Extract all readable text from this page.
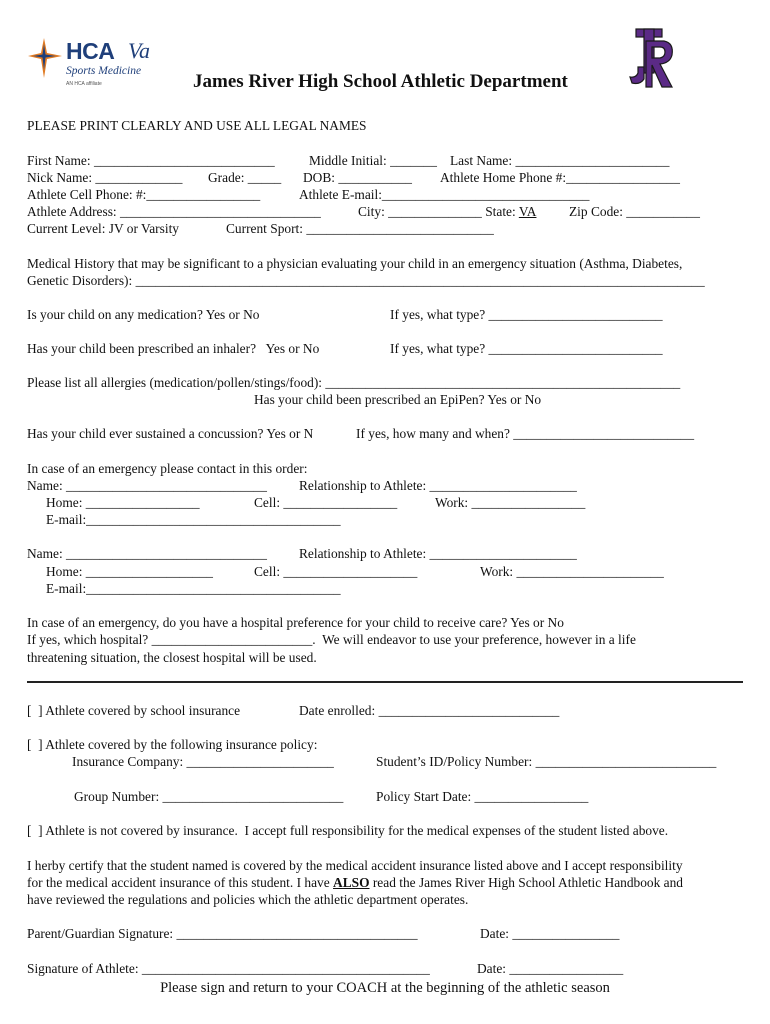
HCA Va
Sports Medicine
AN HCA affiliate	James River High School Athletic Department
PLEASE PRINT CLEARLY AND USE ALL LEGAL NAMES
First Name: ___________________________	Middle Initial: _______ Last Name: _______________________
Nick Name: _____________ Grade: _____ DOB: ___________ Athlete Home Phone #:_________________
Athlete Cell Phone: #:_________________	Athlete E-mail:_______________________________
Athlete Address: ______________________________	City: ______________ State: VA Zip Code: ___________
Current Level: JV or Varsity	Current Sport: ____________________________
Medical History that may be significant to a physician evaluating your child in an emergency situation (Asthma, Diabetes,
Genetic Disorders): _____________________________________________________________________________________
Is your child on any medication? Yes or No	If yes, what type? __________________________
Has your child been prescribed an inhaler?   Yes or No	If yes, what type? __________________________
Please list all allergies (medication/pollen/stings/food): _____________________________________________________
Has your child been prescribed an EpiPen? Yes or No
Has your child ever sustained a concussion? Yes or N	If yes, how many and when? ___________________________
In case of an emergency please contact in this order:
Name: ______________________________ Relationship to Athlete: ______________________
Home: _________________	Cell: _________________	Work: _________________
E-mail:______________________________________
Name: ______________________________ Relationship to Athlete: ______________________
Home: ___________________	Cell: ____________________	Work: ______________________
E-mail:______________________________________
In case of an emergency, do you have a hospital preference for your child to receive care? Yes or No
If yes, which hospital? ________________________.  We will endeavor to use your preference, however in a life
threatening situation, the closest hospital will be used.
[  ] Athlete covered by school insurance	Date enrolled: ___________________________
[  ] Athlete covered by the following insurance policy:
Insurance Company: ______________________	Student’s ID/Policy Number: ___________________________
Group Number: ___________________________ Policy Start Date: _________________
[  ] Athlete is not covered by insurance.  I accept full responsibility for the medical expenses of the student listed above.
I herby certify that the student named is covered by the medical accident insurance listed above and I accept responsibility
for the medical accident insurance of this student. I have ALSO read the James River High School Athletic Handbook and
have reviewed the regulations and policies which the athletic department operates.
Parent/Guardian Signature: ____________________________________	Date: ________________
Signature of Athlete: ___________________________________________	Date: _________________
Please sign and return to your COACH at the beginning of the athletic season
